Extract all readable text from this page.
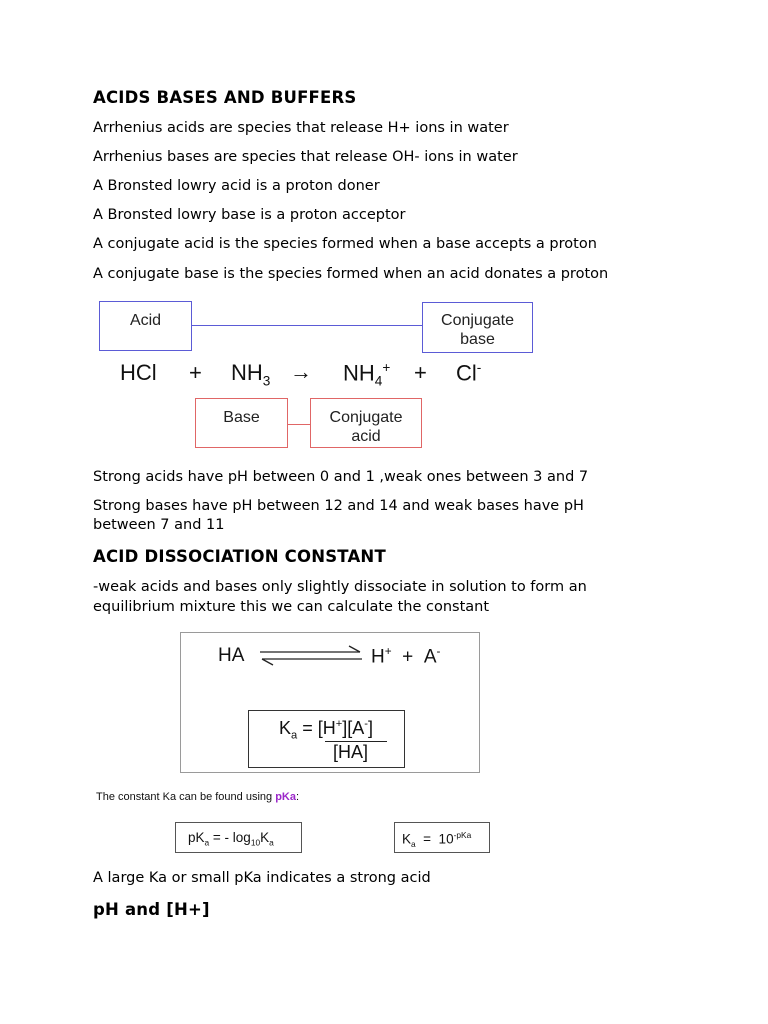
ACIDS BASES AND BUFFERS

Arrhenius acids are species that release H+ ions in water

Arrhenius bases are species that release OH- ions in water

A Bronsted lowry acid is a proton doner

A Bronsted lowry base is a proton acceptor

A conjugate acid is the species formed when a base accepts a proton

A conjugate base is the species formed when an acid donates a proton

Acid	Conjugate
base
HCl + $NH_3 \to NH_4^+ + Cl^-$
Base	Conjugate
acid

Strong acids have pH between 0 and 1 ,weak ones between 3 and 7

Strong bases have pH between 12 and 14 and weak bases have pH

between 7 and 11

ACID DISSOCIATION CONSTANT

-weak acids and bases only slightly dissociate in solution to form an

equilibrium mixture this we can calculate the constant

HA	H+ + A-
$K_a = [H^+][A^-]$
[HA]
The constant Ka can be found using pKa:
$pK_a$ = - $\log_{10}K_a$	$K_a = 10^{-pKa}$

A large Ka or small pKa indicates a strong acid

pH and [H+]
